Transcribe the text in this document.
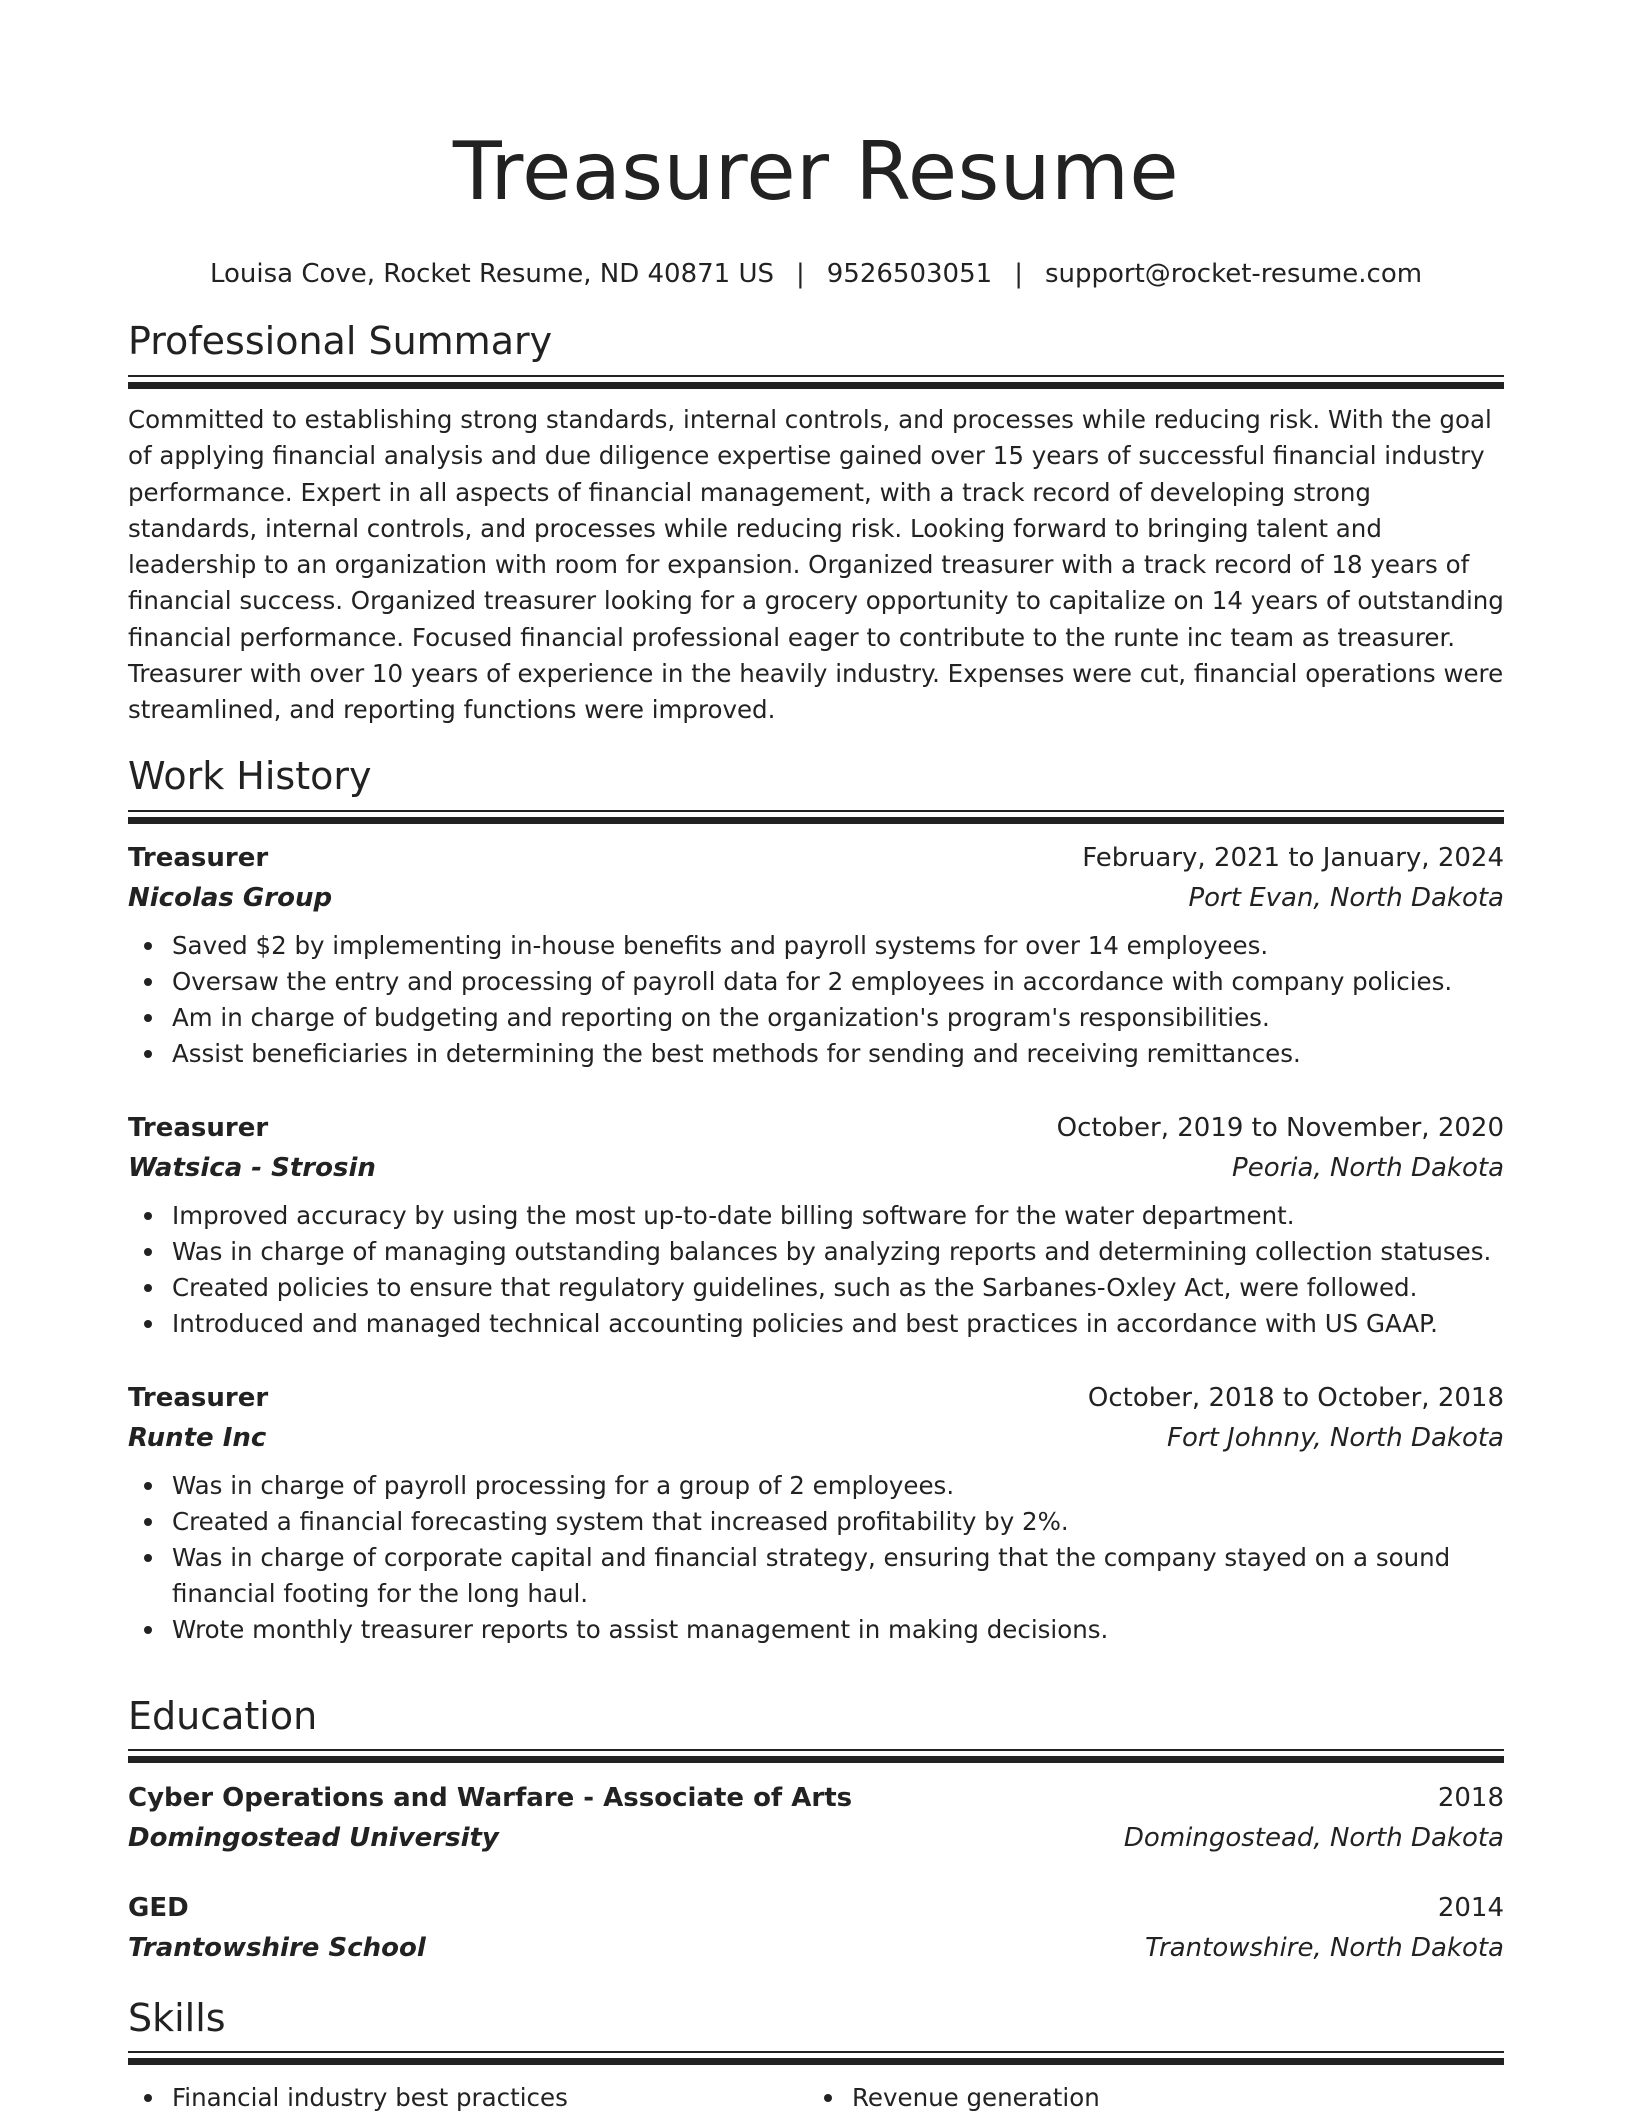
Treasurer Resume
Louisa Cove, Rocket Resume, ND 40871 US | 9526503051 | support@rocket-resume.com
Professional Summary

Committed to establishing strong standards, internal controls, and processes while reducing risk. With the goal of applying financial analysis and due diligence expertise gained over 15 years of successful financial industry performance. Expert in all aspects of financial management, with a track record of developing strong standards, internal controls, and processes while reducing risk. Looking forward to bringing talent and leadership to an organization with room for expansion. Organized treasurer with a track record of 18 years of financial success. Organized treasurer looking for a grocery opportunity to capitalize on 14 years of outstanding financial performance. Focused financial professional eager to contribute to the runte inc team as treasurer. Treasurer with over 10 years of experience in the heavily industry. Expenses were cut, financial operations were streamlined, and reporting functions were improved.

Work History
Treasurer	February, 2021 to January, 2024
Nicolas Group	Port Evan, North Dakota
Saved $2 by implementing in-house benefits and payroll systems for over 14 employees.
Oversaw the entry and processing of payroll data for 2 employees in accordance with company policies.
Am in charge of budgeting and reporting on the organization's program's responsibilities.
Assist beneficiaries in determining the best methods for sending and receiving remittances.
Treasurer	October, 2019 to November, 2020
Watsica - Strosin	Peoria, North Dakota
Improved accuracy by using the most up-to-date billing software for the water department.
Was in charge of managing outstanding balances by analyzing reports and determining collection statuses.
Created policies to ensure that regulatory guidelines, such as the Sarbanes-Oxley Act, were followed.
Introduced and managed technical accounting policies and best practices in accordance with US GAAP.
Treasurer	October, 2018 to October, 2018
Runte Inc	Fort Johnny, North Dakota
Was in charge of payroll processing for a group of 2 employees.
Created a financial forecasting system that increased profitability by 2%.
Was in charge of corporate capital and financial strategy, ensuring that the company stayed on a sound financial footing for the long haul.
Wrote monthly treasurer reports to assist management in making decisions.
Education
Cyber Operations and Warfare - Associate of Arts	2018
Domingostead University	Domingostead, North Dakota
GED	2014
Trantowshire School	Trantowshire, North Dakota
Skills
Financial industry best practices	Revenue generation
